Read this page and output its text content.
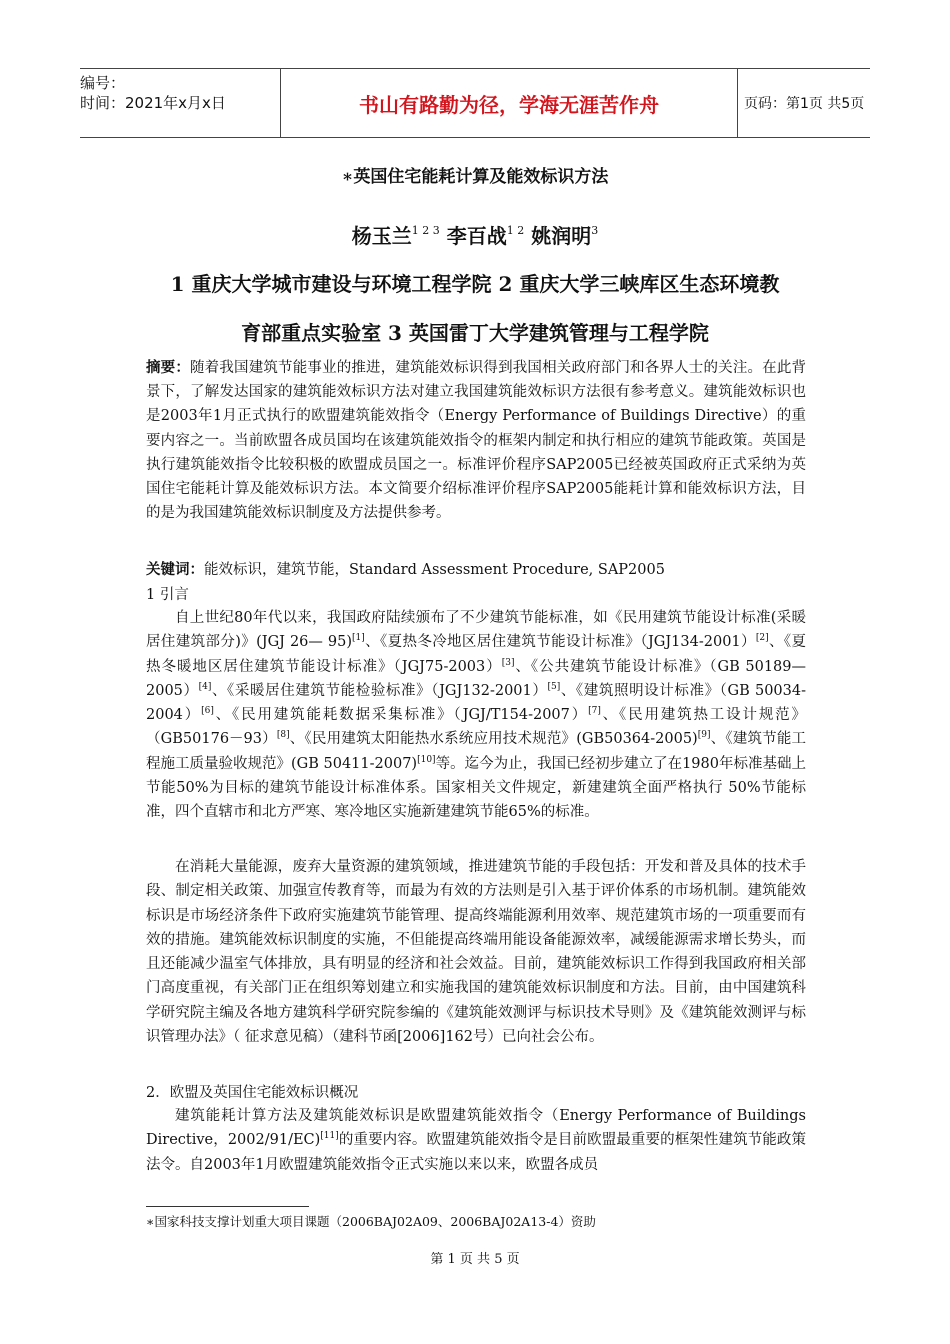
编号：
时间：2021年x月x日	书山有路勤为径，学海无涯苦作舟	页码：第1页 共5页
∗英国住宅能耗计算及能效标识方法
杨玉兰$^{1 2 3}$ 李百战$^{1 2}$ 姚润明$^3$
1 重庆大学城市建设与环境工程学院 2 重庆大学三峡库区生态环境教
育部重点实验室 3 英国雷丁大学建筑管理与工程学院
摘要：随着我国建筑节能事业的推进，建筑能效标识得到我国相关政府部门和各界人士的关注。在此背景下，了解发达国家的建筑能效标识方法对建立我国建筑能效标识方法很有参考意义。建筑能效标识也是2003年1月正式执行的欧盟建筑能效指令（Energy Performance of Buildings Directive）的重要内容之一。当前欧盟各成员国均在该建筑能效指令的框架内制定和执行相应的建筑节能政策。英国是执行建筑能效指令比较积极的欧盟成员国之一。标准评价程序SAP2005已经被英国政府正式采纳为英国住宅能耗计算及能效标识方法。本文简要介绍标准评价程序SAP2005能耗计算和能效标识方法，目的是为我国建筑能效标识制度及方法提供参考。
关键词：能效标识，建筑节能，Standard Assessment Procedure, SAP2005
1 引言
自上世纪80年代以来，我国政府陆续颁布了不少建筑节能标准，如《民用建筑节能设计标准(采暖居住建筑部分)》(JGJ 26— 95)[1]、《夏热冬冷地区居住建筑节能设计标准》（JGJ134-2001）[2]、《夏热冬暖地区居住建筑节能设计标准》（JGJ75-2003）[3]、《公共建筑节能设计标准》（GB 50189—2005）[4]、《采暖居住建筑节能检验标准》（JGJ132-2001）[5]、《建筑照明设计标准》（GB 50034-2004）[6]、《民用建筑能耗数据采集标准》（JGJ/T154-2007）[7]、《民用建筑热工设计规范》（GB50176－93）[8]、《民用建筑太阳能热水系统应用技术规范》(GB50364-2005)[9]、《建筑节能工程施工质量验收规范》(GB 50411-2007)[10]等。迄今为止，我国已经初步建立了在1980年标准基础上节能50%为目标的建筑节能设计标准体系。国家相关文件规定，新建建筑全面严格执行 50%节能标准，四个直辖市和北方严寒、寒冷地区实施新建建筑节能65%的标准。
在消耗大量能源，废弃大量资源的建筑领域，推进建筑节能的手段包括：开发和普及具体的技术手段、制定相关政策、加强宣传教育等，而最为有效的方法则是引入基于评价体系的市场机制。建筑能效标识是市场经济条件下政府实施建筑节能管理、提高终端能源利用效率、规范建筑市场的一项重要而有效的措施。建筑能效标识制度的实施，不但能提高终端用能设备能源效率，减缓能源需求增长势头，而且还能减少温室气体排放，具有明显的经济和社会效益。目前，建筑能效标识工作得到我国政府相关部门高度重视，有关部门正在组织筹划建立和实施我国的建筑能效标识制度和方法。目前，由中国建筑科学研究院主编及各地方建筑科学研究院参编的《建筑能效测评与标识技术导则》及《建筑能效测评与标识管理办法》（ 征求意见稿）（建科节函[2006]162号）已向社会公布。
2．欧盟及英国住宅能效标识概况
建筑能耗计算方法及建筑能效标识是欧盟建筑能效指令（Energy Performance of Buildings Directive，2002/91/EC)[11]的重要内容。欧盟建筑能效指令是目前欧盟最重要的框架性建筑节能政策法令。自2003年1月欧盟建筑能效指令正式实施以来以来，欧盟各成员
∗国家科技支撑计划重大项目课题（2006BAJ02A09、2006BAJ02A13-4）资助
第 1 页 共 5 页
